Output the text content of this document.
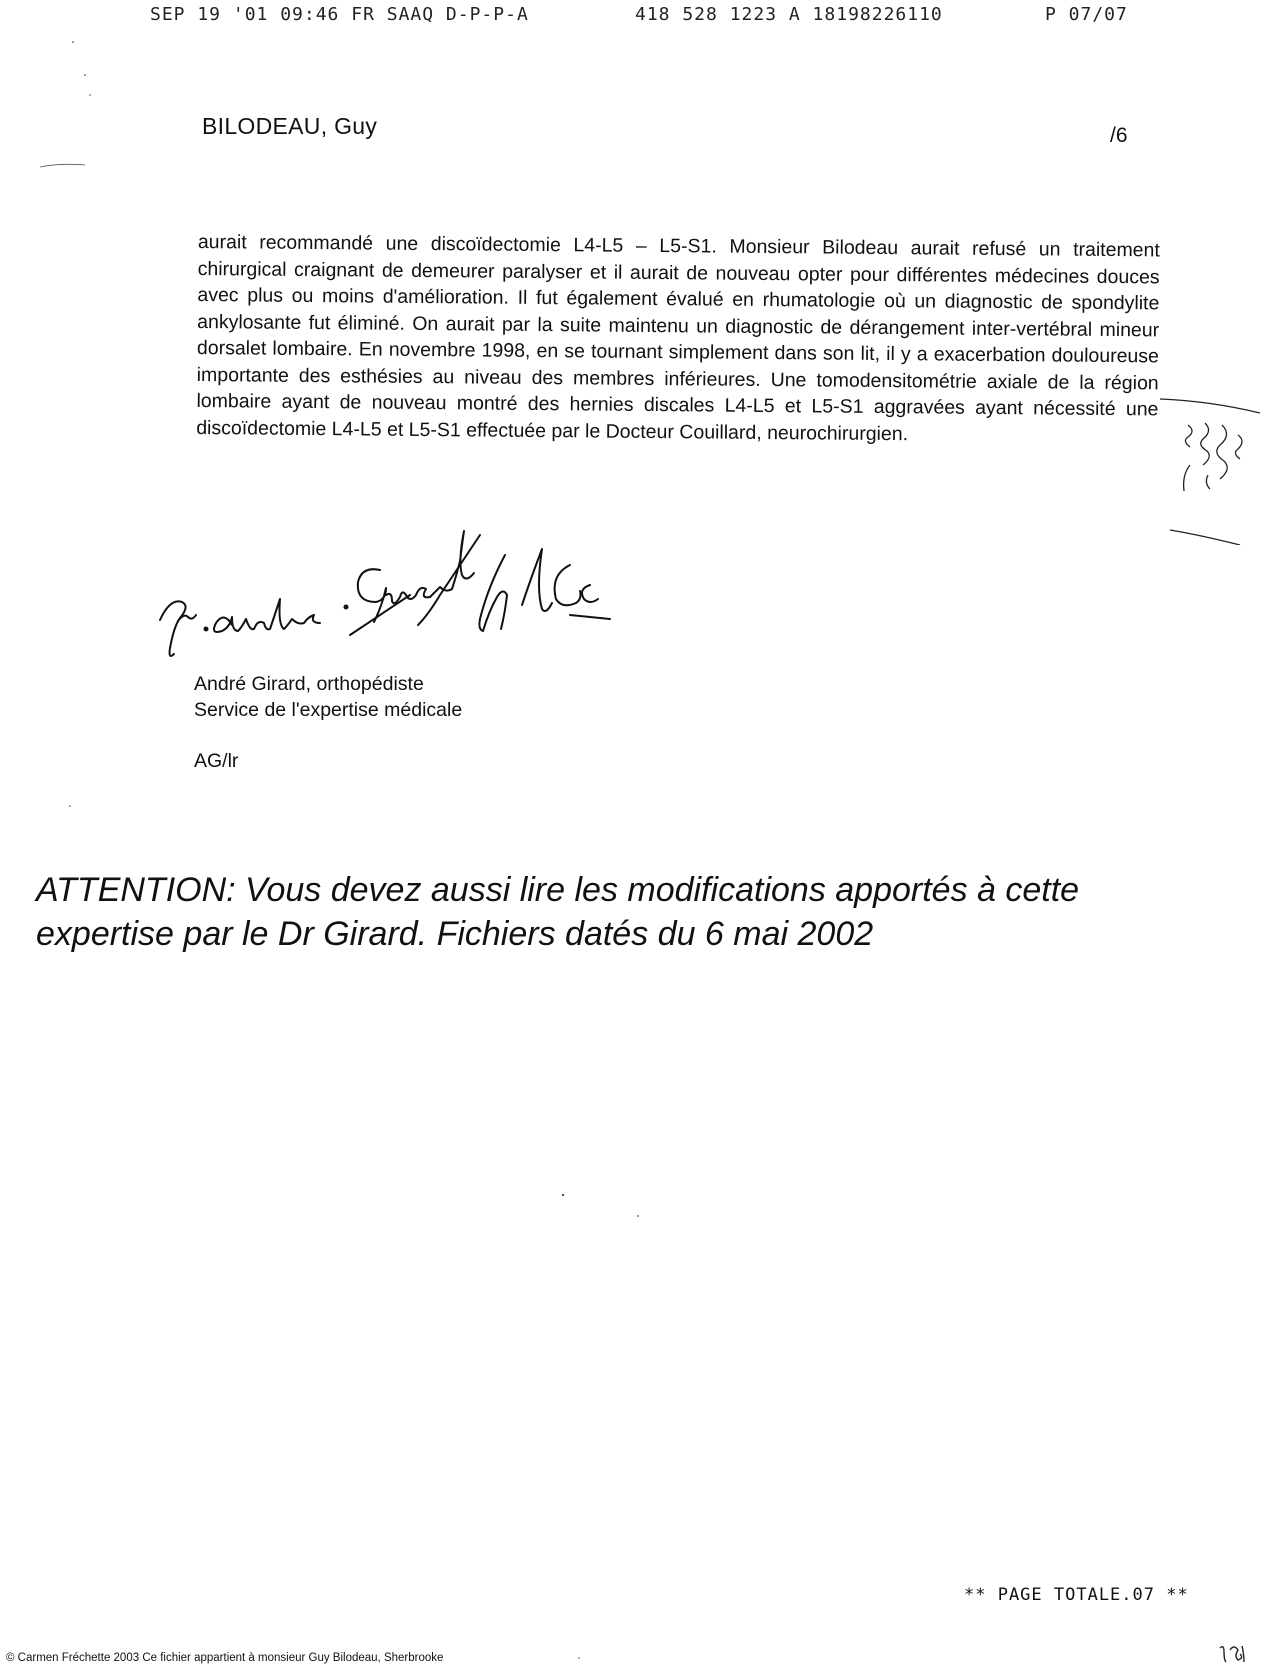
SEP 19 '01 09:46 FR SAAQ D-P-P-A	418 528 1223 A 18198226110	P 07/07
BILODEAU, Guy	/6
aurait recommandé une discoïdectomie L4-L5 – L5-S1. Monsieur Bilodeau aurait refusé un traitement chirurgical craignant de demeurer paralyser et il aurait de nouveau opter pour différentes médecines douces avec plus ou moins d'amélioration. Il fut également évalué en rhumatologie où un diagnostic de spondylite ankylosante fut éliminé. On aurait par la suite maintenu un diagnostic de dérangement inter-vertébral mineur dorsalet lombaire. En novembre 1998, en se tournant simplement dans son lit, il y a exacerbation douloureuse importante des esthésies au niveau des membres inférieures. Une tomodensitométrie axiale de la région lombaire ayant de nouveau montré des hernies discales L4-L5 et L5-S1 aggravées ayant nécessité une discoïdectomie L4-L5 et L5-S1 effectuée par le Docteur Couillard, neurochirurgien.
André Girard, orthopédiste
Service de l'expertise médicale
AG/lr
ATTENTION: Vous devez aussi lire les modifications apportés à cette
expertise par le Dr Girard. Fichiers datés du 6 mai 2002
** PAGE TOTALE.07 **
© Carmen Fréchette 2003 Ce fichier appartient à monsieur Guy Bilodeau, Sherbrooke
